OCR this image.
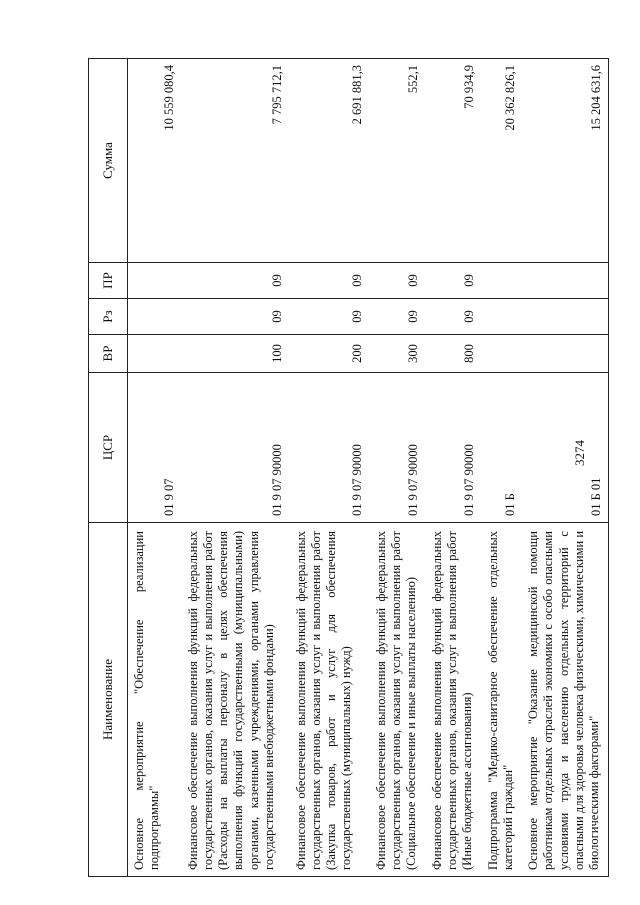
3274
Наименование	ЦСР	ВР	Рз	ПР	Сумма
Основное мероприятие "Обеспечение реализации подпрограммы"	01 9 07				10 559 080,4
Финансовое обеспечение выполнения функций федеральных государственных органов, оказания услуг и выполнения работ (Расходы на выплаты персоналу в целях обеспечения выполнения функций государственными (муниципальными) органами, казенными учреждениями, органами управления государственными внебюджетными фондами)	01 9 07 90000	100	09	09	7 795 712,1
Финансовое обеспечение выполнения функций федеральных государственных органов, оказания услуг и выполнения работ (Закупка товаров, работ и услуг для обеспечения государственных (муниципальных) нужд)	01 9 07 90000	200	09	09	2 691 881,3
Финансовое обеспечение выполнения функций федеральных государственных органов, оказания услуг и выполнения работ (Социальное обеспечение и иные выплаты населению)	01 9 07 90000	300	09	09	552,1
Финансовое обеспечение выполнения функций федеральных государственных органов, оказания услуг и выполнения работ (Иные бюджетные ассигнования)	01 9 07 90000	800	09	09	70 934,9
Подпрограмма "Медико-санитарное обеспечение отдельных категорий граждан"	01 Б				20 362 826,1
Основное мероприятие "Оказание медицинской помощи работникам отдельных отраслей экономики с особо опасными условиями труда и населению отдельных территорий с опасными для здоровья человека физическими, химическими и биологическими факторами"	01 Б 01				15 204 631,6
